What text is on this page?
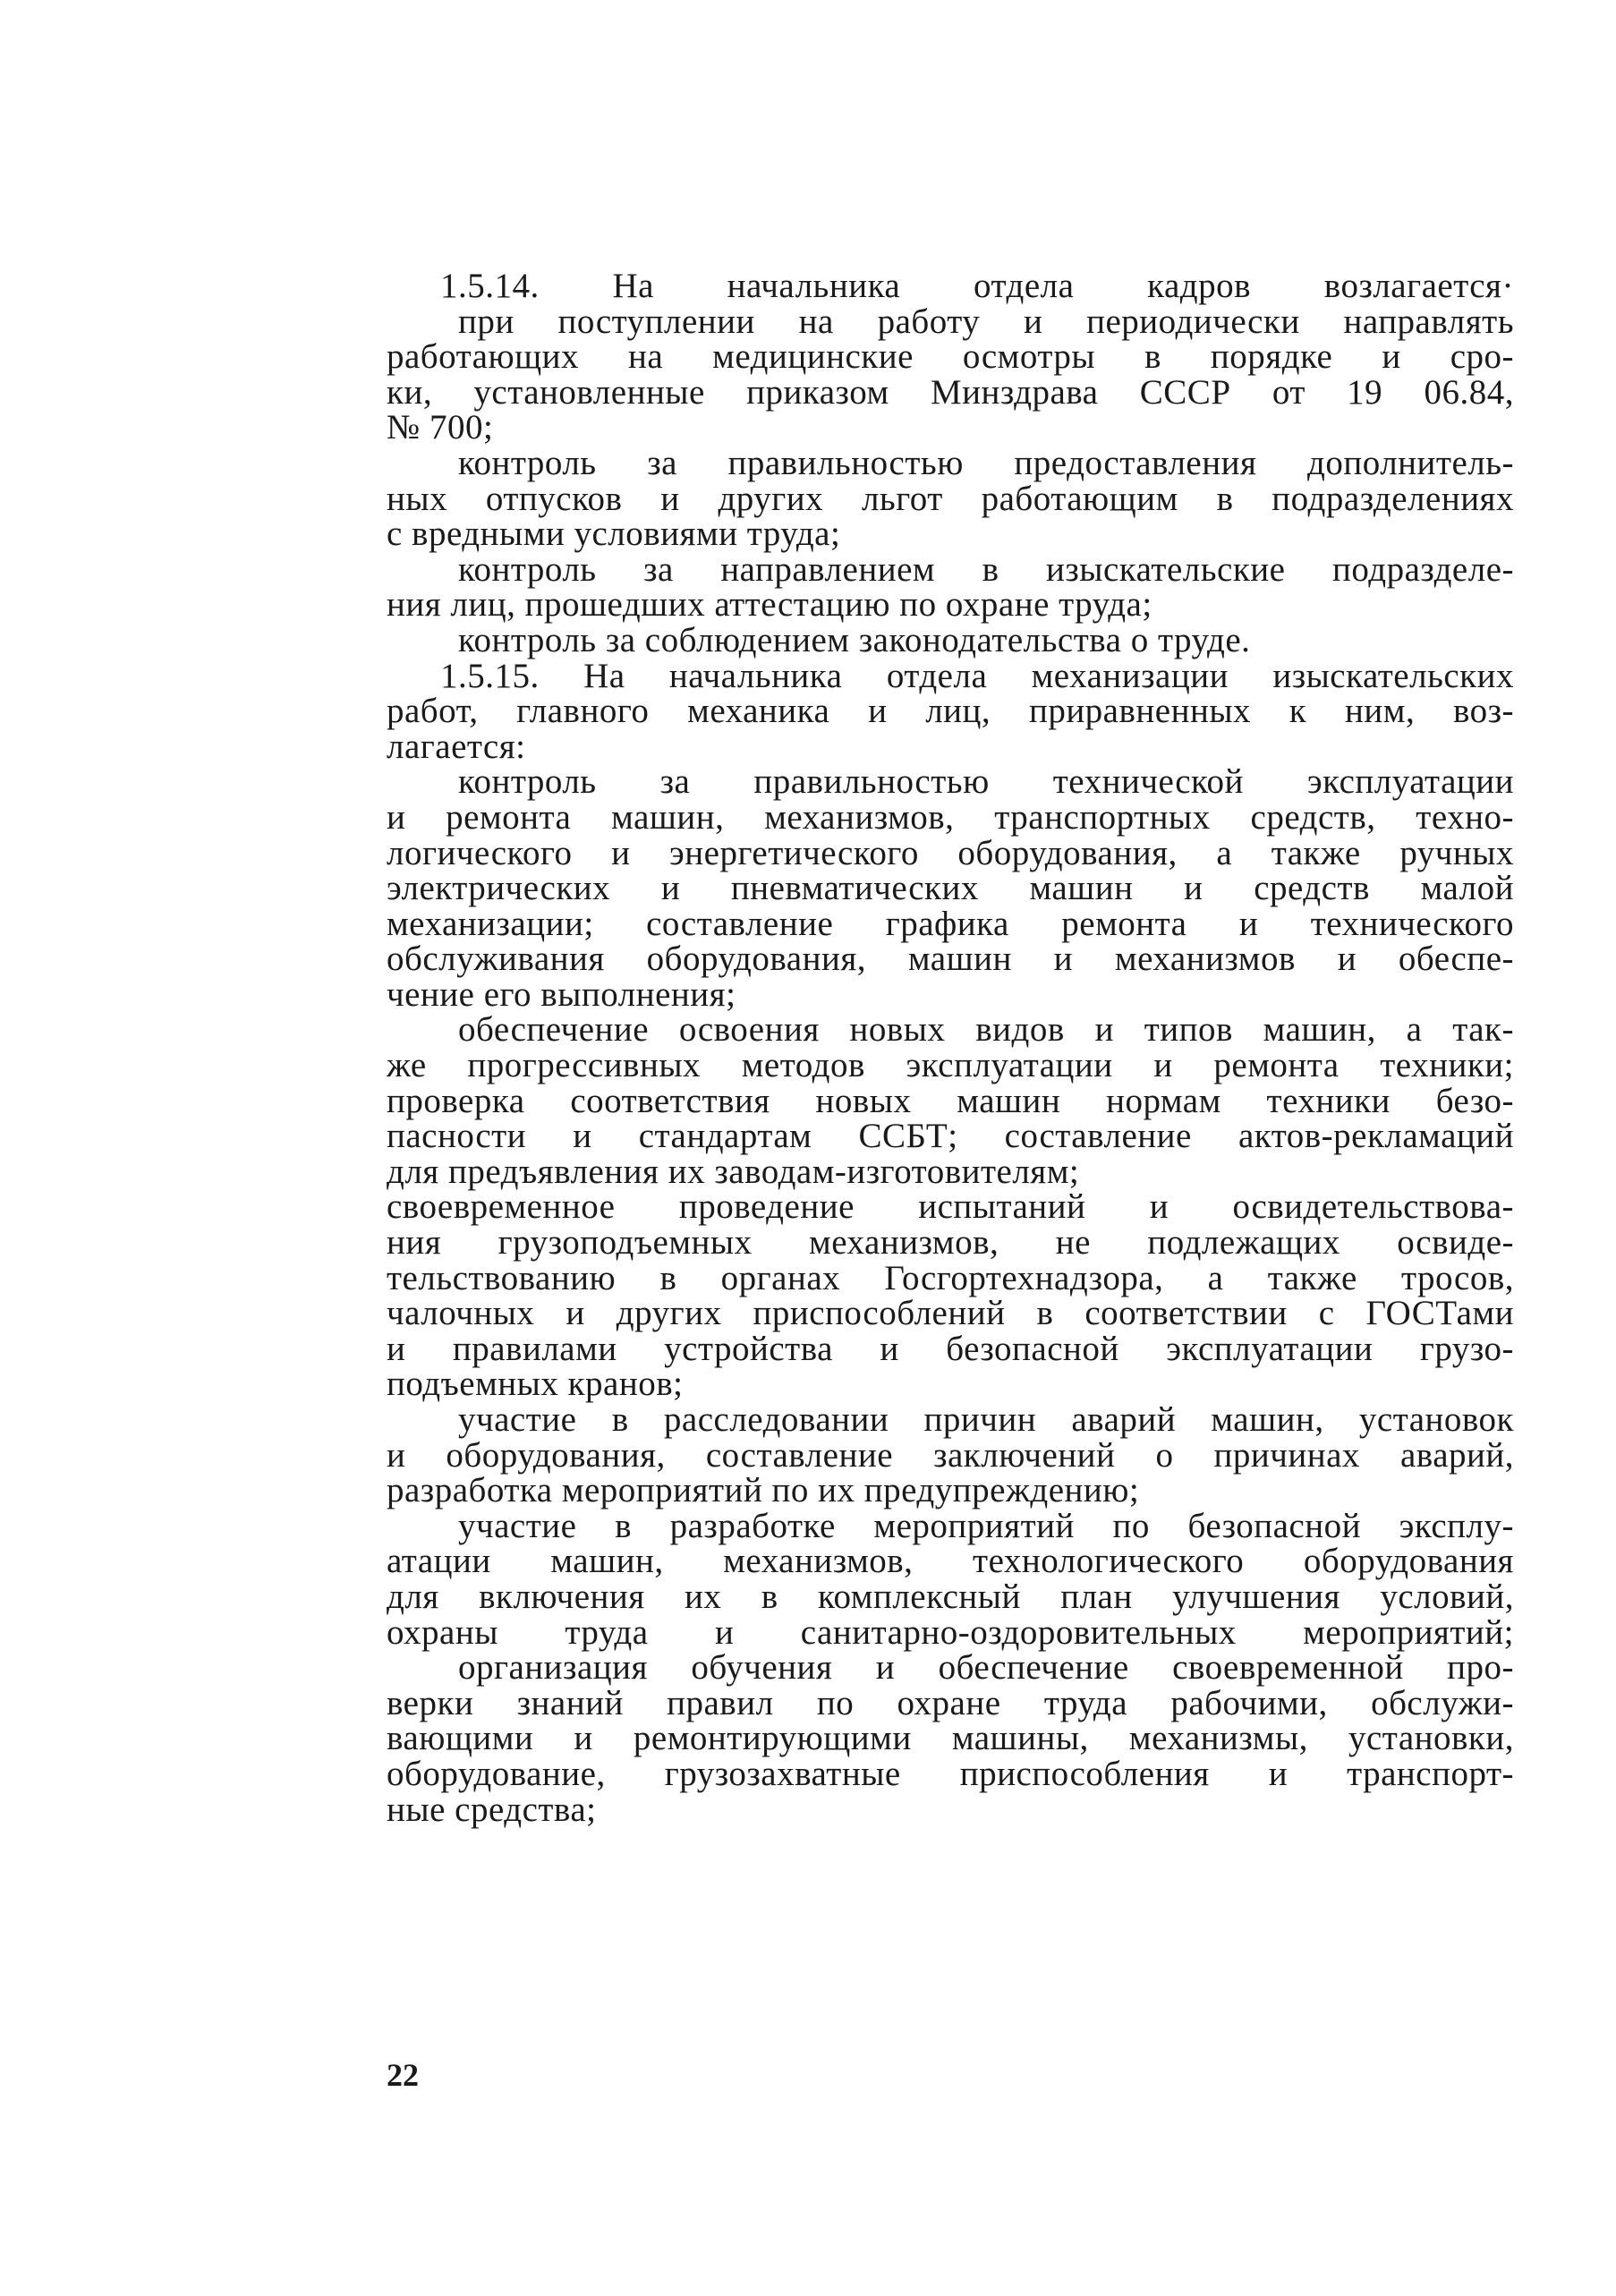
1.5.14. На начальника отдела кадров возлагается·
при поступлении на работу и периодически направлять
работающих на медицинские осмотры в порядке и сро-
ки, установленные приказом Минздрава СССР от 19 06.84,
№ 700;
контроль за правильностью предоставления дополнитель-
ных отпусков и других льгот работающим в подразделениях
с вредными условиями труда;
контроль за направлением в изыскательские подразделе-
ния лиц, прошедших аттестацию по охране труда;
контроль за соблюдением законодательства о труде.
1.5.15. На начальника отдела механизации изыскательских
работ, главного механика и лиц, приравненных к ним, воз-
лагается:
контроль за правильностью технической эксплуатации
и ремонта машин, механизмов, транспортных средств, техно-
логического и энергетического оборудования, а также ручных
электрических и пневматических машин и средств малой
механизации; составление графика ремонта и технического
обслуживания оборудования, машин и механизмов и обеспе-
чение его выполнения;
обеспечение освоения новых видов и типов машин, а так-
же прогрессивных методов эксплуатации и ремонта техники;
проверка соответствия новых машин нормам техники безо-
пасности и стандартам ССБТ; составление актов-рекламаций
для предъявления их заводам-изготовителям;
своевременное проведение испытаний и освидетельствова-
ния грузоподъемных механизмов, не подлежащих освиде-
тельствованию в органах Госгортехнадзора, а также тросов,
чалочных и других приспособлений в соответствии с ГОСТами
и правилами устройства и безопасной эксплуатации грузо-
подъемных кранов;
участие в расследовании причин аварий машин, установок
и оборудования, составление заключений о причинах аварий,
разработка мероприятий по их предупреждению;
участие в разработке мероприятий по безопасной эксплу-
атации машин, механизмов, технологического оборудования
для включения их в комплексный план улучшения условий,
охраны труда и санитарно-оздоровительных мероприятий;
организация обучения и обеспечение своевременной про-
верки знаний правил по охране труда рабочими, обслужи-
вающими и ремонтирующими машины, механизмы, установки,
оборудование, грузозахватные приспособления и транспорт-
ные средства;
22
